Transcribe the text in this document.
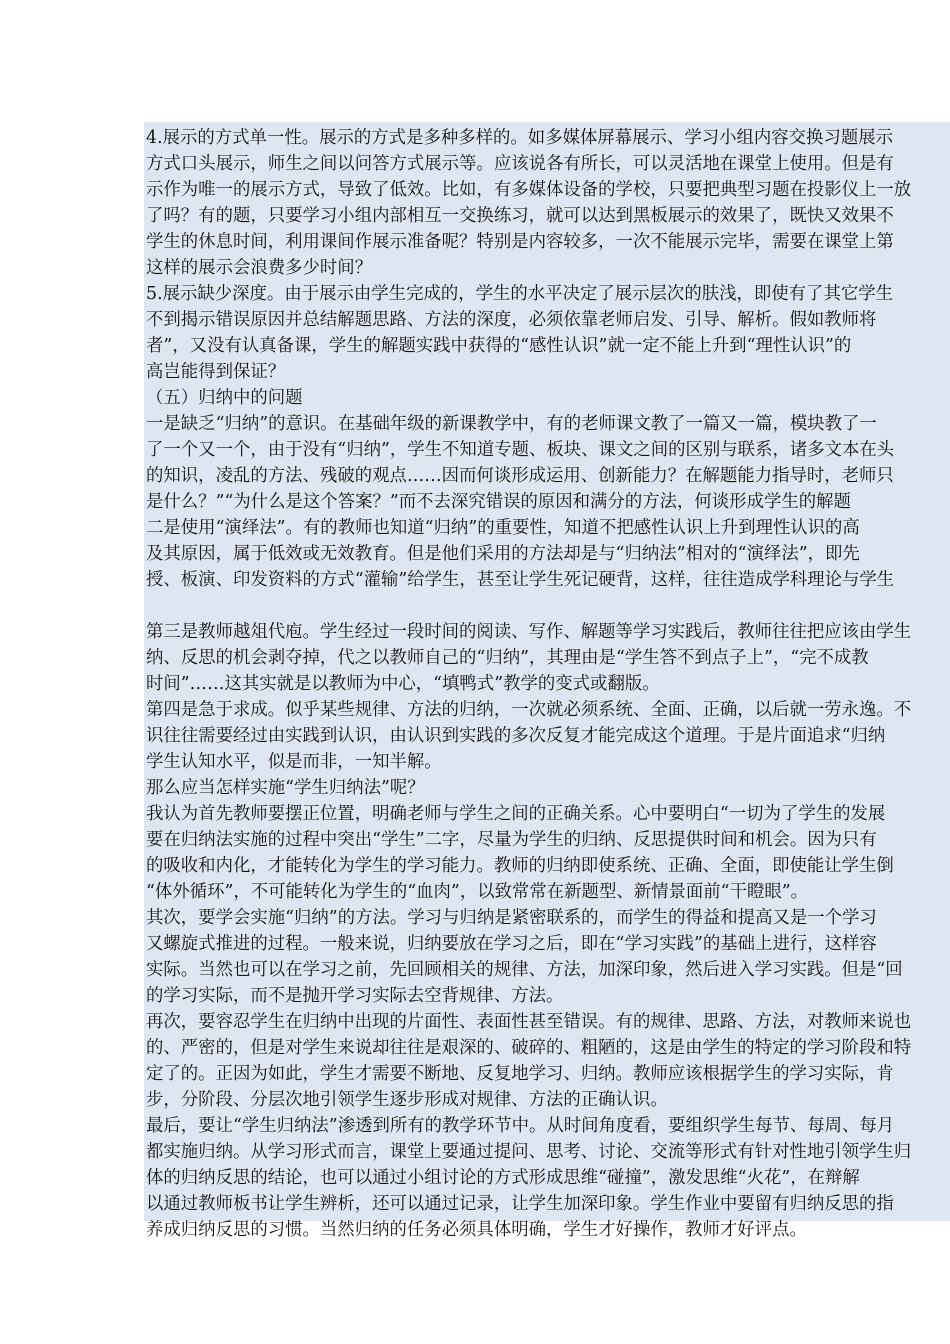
4.展示的方式单一性。展示的方式是多种多样的。如多媒体屏幕展示、学习小组内容交换习题展示
方式口头展示，师生之间以问答方式展示等。应该说各有所长，可以灵活地在课堂上使用。但是有
示作为唯一的展示方式，导致了低效。比如，有多媒体设备的学校，只要把典型习题在投影仪上一放
了吗？有的题，只要学习小组内部相互一交换练习，就可以达到黑板展示的效果了，既快又效果不
学生的休息时间，利用课间作展示准备呢？特别是内容较多，一次不能展示完毕，需要在课堂上第
这样的展示会浪费多少时间？
5.展示缺少深度。由于展示由学生完成的，学生的水平决定了展示层次的肤浅，即使有了其它学生
不到揭示错误原因并总结解题思路、方法的深度，必须依靠老师启发、引导、解析。假如教师将
者”，又没有认真备课，学生的解题实践中获得的“感性认识”就一定不能上升到“理性认识”的
高岂能得到保证？
（五）归纳中的问题
一是缺乏“归纳”的意识。在基础年级的新课教学中，有的老师课文教了一篇又一篇，模块教了一
了一个又一个，由于没有“归纳”，学生不知道专题、板块、课文之间的区别与联系，诸多文本在头
的知识，凌乱的方法、残破的观点……因而何谈形成运用、创新能力？在解题能力指导时，老师只
是什么？”“为什么是这个答案？”而不去深究错误的原因和满分的方法，何谈形成学生的解题
二是使用“演绎法”。有的教师也知道“归纳”的重要性，知道不把感性认识上升到理性认识的高
及其原因，属于低效或无效教育。但是他们采用的方法却是与“归纳法”相对的“演绎法”，即先
授、板演、印发资料的方式“灌输”给学生，甚至让学生死记硬背，这样，往往造成学科理论与学生
第三是教师越俎代庖。学生经过一段时间的阅读、写作、解题等学习实践后，教师往往把应该由学生
纳、反思的机会剥夺掉，代之以教师自己的“归纳”，其理由是“学生答不到点子上”，“完不成教
时间”……这其实就是以教师为中心，“填鸭式”教学的变式或翻版。
第四是急于求成。似乎某些规律、方法的归纳，一次就必须系统、全面、正确，以后就一劳永逸。不
识往往需要经过由实践到认识，由认识到实践的多次反复才能完成这个道理。于是片面追求“归纳
学生认知水平，似是而非，一知半解。
那么应当怎样实施“学生归纳法”呢？
我认为首先教师要摆正位置，明确老师与学生之间的正确关系。心中要明白“一切为了学生的发展
要在归纳法实施的过程中突出“学生”二字，尽量为学生的归纳、反思提供时间和机会。因为只有
的吸收和内化，才能转化为学生的学习能力。教师的归纳即使系统、正确、全面，即使能让学生倒
“体外循环”，不可能转化为学生的“血肉”，以致常常在新题型、新情景面前“干瞪眼”。
其次，要学会实施“归纳”的方法。学习与归纳是紧密联系的，而学生的得益和提高又是一个学习
又螺旋式推进的过程。一般来说，归纳要放在学习之后，即在“学习实践”的基础上进行，这样容
实际。当然也可以在学习之前，先回顾相关的规律、方法，加深印象，然后进入学习实践。但是“回
的学习实际，而不是抛开学习实际去空背规律、方法。
再次，要容忍学生在归纳中出现的片面性、表面性甚至错误。有的规律、思路、方法，对教师来说也
的、严密的，但是对学生来说却往往是艰深的、破碎的、粗陋的，这是由学生的特定的学习阶段和特
定了的。正因为如此，学生才需要不断地、反复地学习、归纳。教师应该根据学生的学习实际，肯
步，分阶段、分层次地引领学生逐步形成对规律、方法的正确认识。
最后，要让“学生归纳法”渗透到所有的教学环节中。从时间角度看，要组织学生每节、每周、每月
都实施归纳。从学习形式而言，课堂上要通过提问、思考、讨论、交流等形式有针对性地引领学生归
体的归纳反思的结论，也可以通过小组讨论的方式形成思维“碰撞”，激发思维“火花”，在辩解
以通过教师板书让学生辨析，还可以通过记录，让学生加深印象。学生作业中要留有归纳反思的指
养成归纳反思的习惯。当然归纳的任务必须具体明确，学生才好操作，教师才好评点。
